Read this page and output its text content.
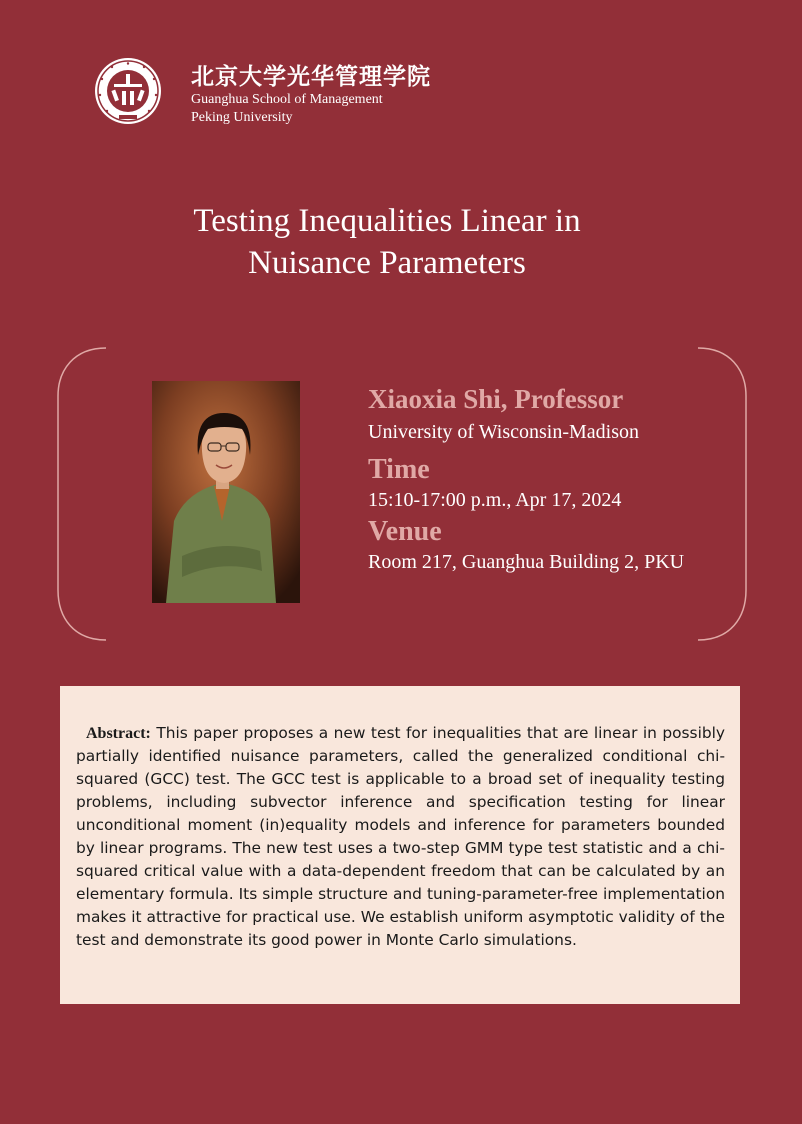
北京大学光华管理学院
Guanghua School of Management
Peking University
Testing Inequalities Linear in
Nuisance Parameters
Xiaoxia Shi, Professor
University of Wisconsin-Madison
Time
15:10-17:00 p.m., Apr 17, 2024
Venue
Room 217, Guanghua Building 2, PKU

Abstract: This paper proposes a new test for inequalities that are linear in possibly partially identified nuisance parameters, called the generalized conditional chi-squared (GCC) test. The GCC test is applicable to a broad set of inequality testing problems, including subvector inference and specification testing for linear unconditional moment (in)equality models and inference for parameters bounded by linear programs. The new test uses a two-step GMM type test statistic and a chi-squared critical value with a data-dependent freedom that can be calculated by an elementary formula. Its simple structure and tuning-parameter-free implementation makes it attractive for practical use. We establish uniform asymptotic validity of the test and demonstrate its good power in Monte Carlo simulations.
